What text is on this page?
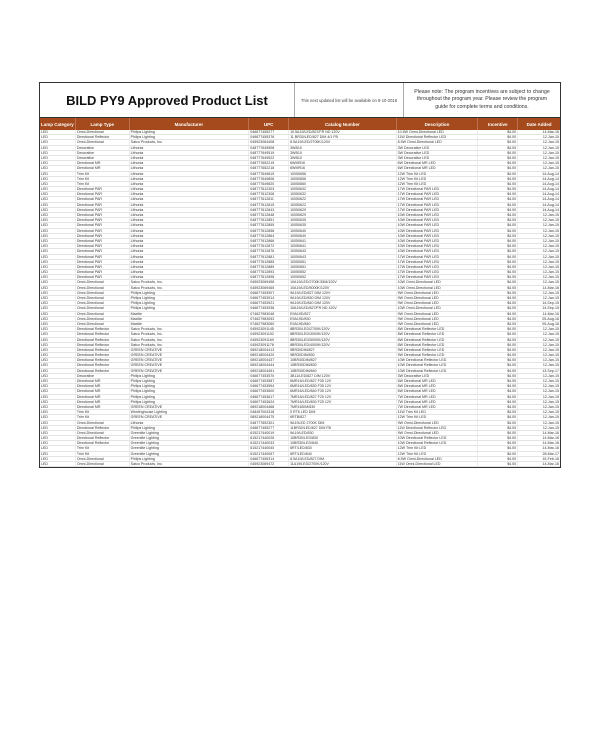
BILD PY9 Approved Product List	This next updated list will be available on 8-10-2018
Please note: The program incentives are subject to change throughout the program year. Please review the program guide for complete terms and conditions.
Lamp Category	Lamp Type	Manufacturer	UPC	Catalog Number	Description	Incentive	Date Added
LED	Omni-Directional	Philips Lighting	046677455277	10.5A19/LED/827/FR ND 120V	10.5W Omni-Directional LED	$4.00	14-Mar-16
LED	Directional Reflector	Philips Lighting	046677455376	11 BR30/LED/827 DIM 4/1 FB	11W Directional Reflector LED	$4.00	12-Jan-15
LED	Omni-Directional	Satco Products, Inc.	045923064408	8.5A19/LED/2700K/120V	8.5W Omni-Directional LED	$4.00	12-Jan-15
LED	Decorative	Lithonia	048777649508	3WB10	3W Decorative LED	$4.00	12-Jan-15
LED	Decorative	Lithonia	048777649519	3WB10	3W Decorative LED	$4.00	12-Jan-15
LED	Decorative	Lithonia	048777649522	3WB10	3W Decorative LED	$4.00	12-Jan-15
LED	Directional MR	Lithonia	048777652215	6WMR16	6W Directional MR LED	$4.00	12-Jan-15
LED	Directional MR	Lithonia	048777652218	6WMR16	6W Directional MR LED	$4.00	12-Jan-15
LED	Trim Kit	Lithonia	048777649815	10050656	12W Trim Kit LED	$4.00	14-Aug-14
LED	Trim Kit	Lithonia	048777649808	10050656	12W Trim Kit LED	$4.00	14-Aug-14
LED	Trim Kit	Lithonia	048777649820	10050660	12W Trim Kit LED	$4.00	14-Aug-14
LED	Directional PAR	Lithonia	048777612303	10050632	17W Directional PAR LED	$4.00	14-Aug-14
LED	Directional PAR	Lithonia	048777612308	10050632	17W Directional PAR LED	$4.00	14-Aug-14
LED	Directional PAR	Lithonia	048777612811	10050622	17W Directional PAR LED	$4.00	14-Aug-14
LED	Directional PAR	Lithonia	048777612815	10050622	17W Directional PAR LED	$4.00	14-Aug-14
LED	Directional PAR	Lithonia	048777612843	10050629	17W Directional PAR LED	$4.00	14-Aug-14
LED	Directional PAR	Lithonia	048777612848	10050629	10W Directional PAR LED	$4.00	12-Jan-15
LED	Directional PAR	Lithonia	048777612851	10050635	10W Directional PAR LED	$4.00	12-Jan-15
LED	Directional PAR	Lithonia	048777612855	10050635	10W Directional PAR LED	$4.00	12-Jan-15
LED	Directional PAR	Lithonia	048777612858	10050640	10W Directional PAR LED	$4.00	12-Jan-15
LED	Directional PAR	Lithonia	048777612864	10050640	10W Directional PAR LED	$4.00	12-Jan-15
LED	Directional PAR	Lithonia	048777612866	10050641	10W Directional PAR LED	$4.00	12-Jan-15
LED	Directional PAR	Lithonia	048777612872	10050641	10W Directional PAR LED	$4.00	12-Jan-15
LED	Directional PAR	Lithonia	048777612876	10050643	10W Directional PAR LED	$4.00	12-Jan-15
LED	Directional PAR	Lithonia	048777612881	10050643	17W Directional PAR LED	$4.00	12-Jan-15
LED	Directional PAR	Lithonia	048777612885	10050651	17W Directional PAR LED	$4.00	12-Jan-15
LED	Directional PAR	Lithonia	048777612889	10050651	17W Directional PAR LED	$4.00	12-Jan-15
LED	Directional PAR	Lithonia	048777612893	10050652	17W Directional PAR LED	$4.00	12-Jan-15
LED	Directional PAR	Lithonia	048777612898	10050652	17W Directional PAR LED	$4.00	12-Jan-15
LED	Omni-Directional	Satco Products, Inc.	045923069458	10A19/LED/2700K/DIM/120V	10W Omni-Directional LED	$4.00	12-Jan-15
LED	Omni-Directional	Satco Products, Inc.	045923069465	10A19/LED/5000K/120V	10W Omni-Directional LED	$4.00	14-Mar-16
LED	Omni-Directional	Philips Lighting	046677453907	9A19/LED/827 DIM 120V	9W Omni-Directional LED	$4.00	12-Jan-15
LED	Omni-Directional	Philips Lighting	046677453914	9A19/LED/830 DIM 120V	9W Omni-Directional LED	$4.00	12-Jan-15
LED	Omni-Directional	Philips Lighting	046677453921	9A19/LED/840 DIM 120V	9W Omni-Directional LED	$4.00	14-Sep-15
LED	Omni-Directional	Philips Lighting	046677453938	10A19/LED/827/FR ND 120V	10W Omni-Directional LED	$4.00	14-Sep-15
LED	Omni-Directional	Maxlite	074627983046	E9A19D/827	9W Omni-Directional LED	$4.00	14-Mar-16
LED	Omni-Directional	Maxlite	074627983053	E9A19D/830	9W Omni-Directional LED	$4.00	05-Aug-16
LED	Omni-Directional	Maxlite	074627983060	E9A19D/840	9W Omni-Directional LED	$4.00	05-Aug-16
LED	Directional Reflector	Satco Products, Inc.	045923091145	8BR30/LED/2700K/120V	8W Directional Reflector LED	$4.00	12-Jan-15
LED	Directional Reflector	Satco Products, Inc.	045923091152	8BR30/LED/3000K/120V	8W Directional Reflector LED	$4.00	12-Jan-15
LED	Directional Reflector	Satco Products, Inc.	045923091169	8BR30/LED/5000K/120V	8W Directional Reflector LED	$4.00	12-Jan-15
LED	Directional Reflector	Satco Products, Inc.	045923091176	8BR30/LED/4000K/120V	8W Directional Reflector LED	$4.00	12-Jan-15
LED	Directional Reflector	GREEN CREATIVE	089218004413	9BR30DIM/827	9W Directional Reflector LED	$4.00	12-Jan-15
LED	Directional Reflector	GREEN CREATIVE	089218004420	9BR30DIM/830	9W Directional Reflector LED	$4.00	12-Jan-15
LED	Directional Reflector	GREEN CREATIVE	089218004437	10BR30DIM/827	10W Directional Reflector LED	$4.00	12-Jan-15
LED	Directional Reflector	GREEN CREATIVE	089218004444	10BR30DIM/830	10W Directional Reflector LED	$4.00	12-Jan-15
LED	Directional Reflector	GREEN CREATIVE	089218004451	10BR30DIM/840	10W Directional Reflector LED	$4.00	13-Sep-17
LED	Decorative	Philips Lighting	046677453570	3B11/LED/827 DIM 120V	3W Decorative LED	$4.00	12-Jan-15
LED	Directional MR	Philips Lighting	046677453587	6MR16/LED/827 F35 12V	6W Directional MR LED	$4.00	12-Jan-15
LED	Directional MR	Philips Lighting	046677453594	6MR16/LED/830 F35 12V	6W Directional MR LED	$4.00	12-Jan-15
LED	Directional MR	Philips Lighting	046677453600	6MR16/LED/840 F35 12V	6W Directional MR LED	$4.00	12-Jan-15
LED	Directional MR	Philips Lighting	046677453617	7MR16/LED/827 F25 12V	7W Directional MR LED	$4.00	12-Jan-15
LED	Directional MR	Philips Lighting	046677453624	7MR16/LED/830 F25 12V	7W Directional MR LED	$4.00	12-Jan-15
LED	Directional MR	GREEN CREATIVE	089218004468	7MR16DIM/830	7W Directional MR LED	$4.00	12-Jan-15
LED	Trim Kit	Westinghouse Lighting	048457004318	5 RT6 LED DIM	11W Trim Kit LED	$4.00	12-Jan-15
LED	Trim Kit	GREEN CREATIVE	089218004475	6RTB/827	12W Trim Kit LED	$4.00	12-Jan-15
LED	Omni-Directional	Lithonia	048777652301	9A19LED 2700K DIM	9W Omni-Directional LED	$4.00	12-Jan-15
LED	Directional Reflector	Philips Lighting	046677455277	11BR30/LED/827 DIM FB	11W Directional Reflector LED	$4.00	12-Jan-15
LED	Omni-Directional	Greenlite Lighting	615217440019	9A19/LED/830	9W Omni-Directional LED	$4.00	14-Mar-16
LED	Directional Reflector	Greenlite Lighting	615217440026	10BR30/LED/830	10W Directional Reflector LED	$4.00	14-Mar-16
LED	Directional Reflector	Greenlite Lighting	615217440033	10BR30/LED/840	10W Directional Reflector LED	$4.00	14-Mar-16
LED	Trim Kit	Greenlite Lighting	615217440040	6RT/LED/830	12W Trim Kit LED	$4.00	14-Mar-16
LED	Trim Kit	Greenlite Lighting	615217440057	6RT/LED/840	12W Trim Kit LED	$4.00	28-Mar-17
LED	Omni-Directional	Philips Lighting	046677455314	8.5A19/LED/827 DIM	8.5W Omni-Directional LED	$4.00	15-Feb-18
LED	Omni-Directional	Satco Products, Inc.	045923069472	11A19/LED/2700K/120V	11W Omni-Directional LED	$4.00	14-Mar-16
